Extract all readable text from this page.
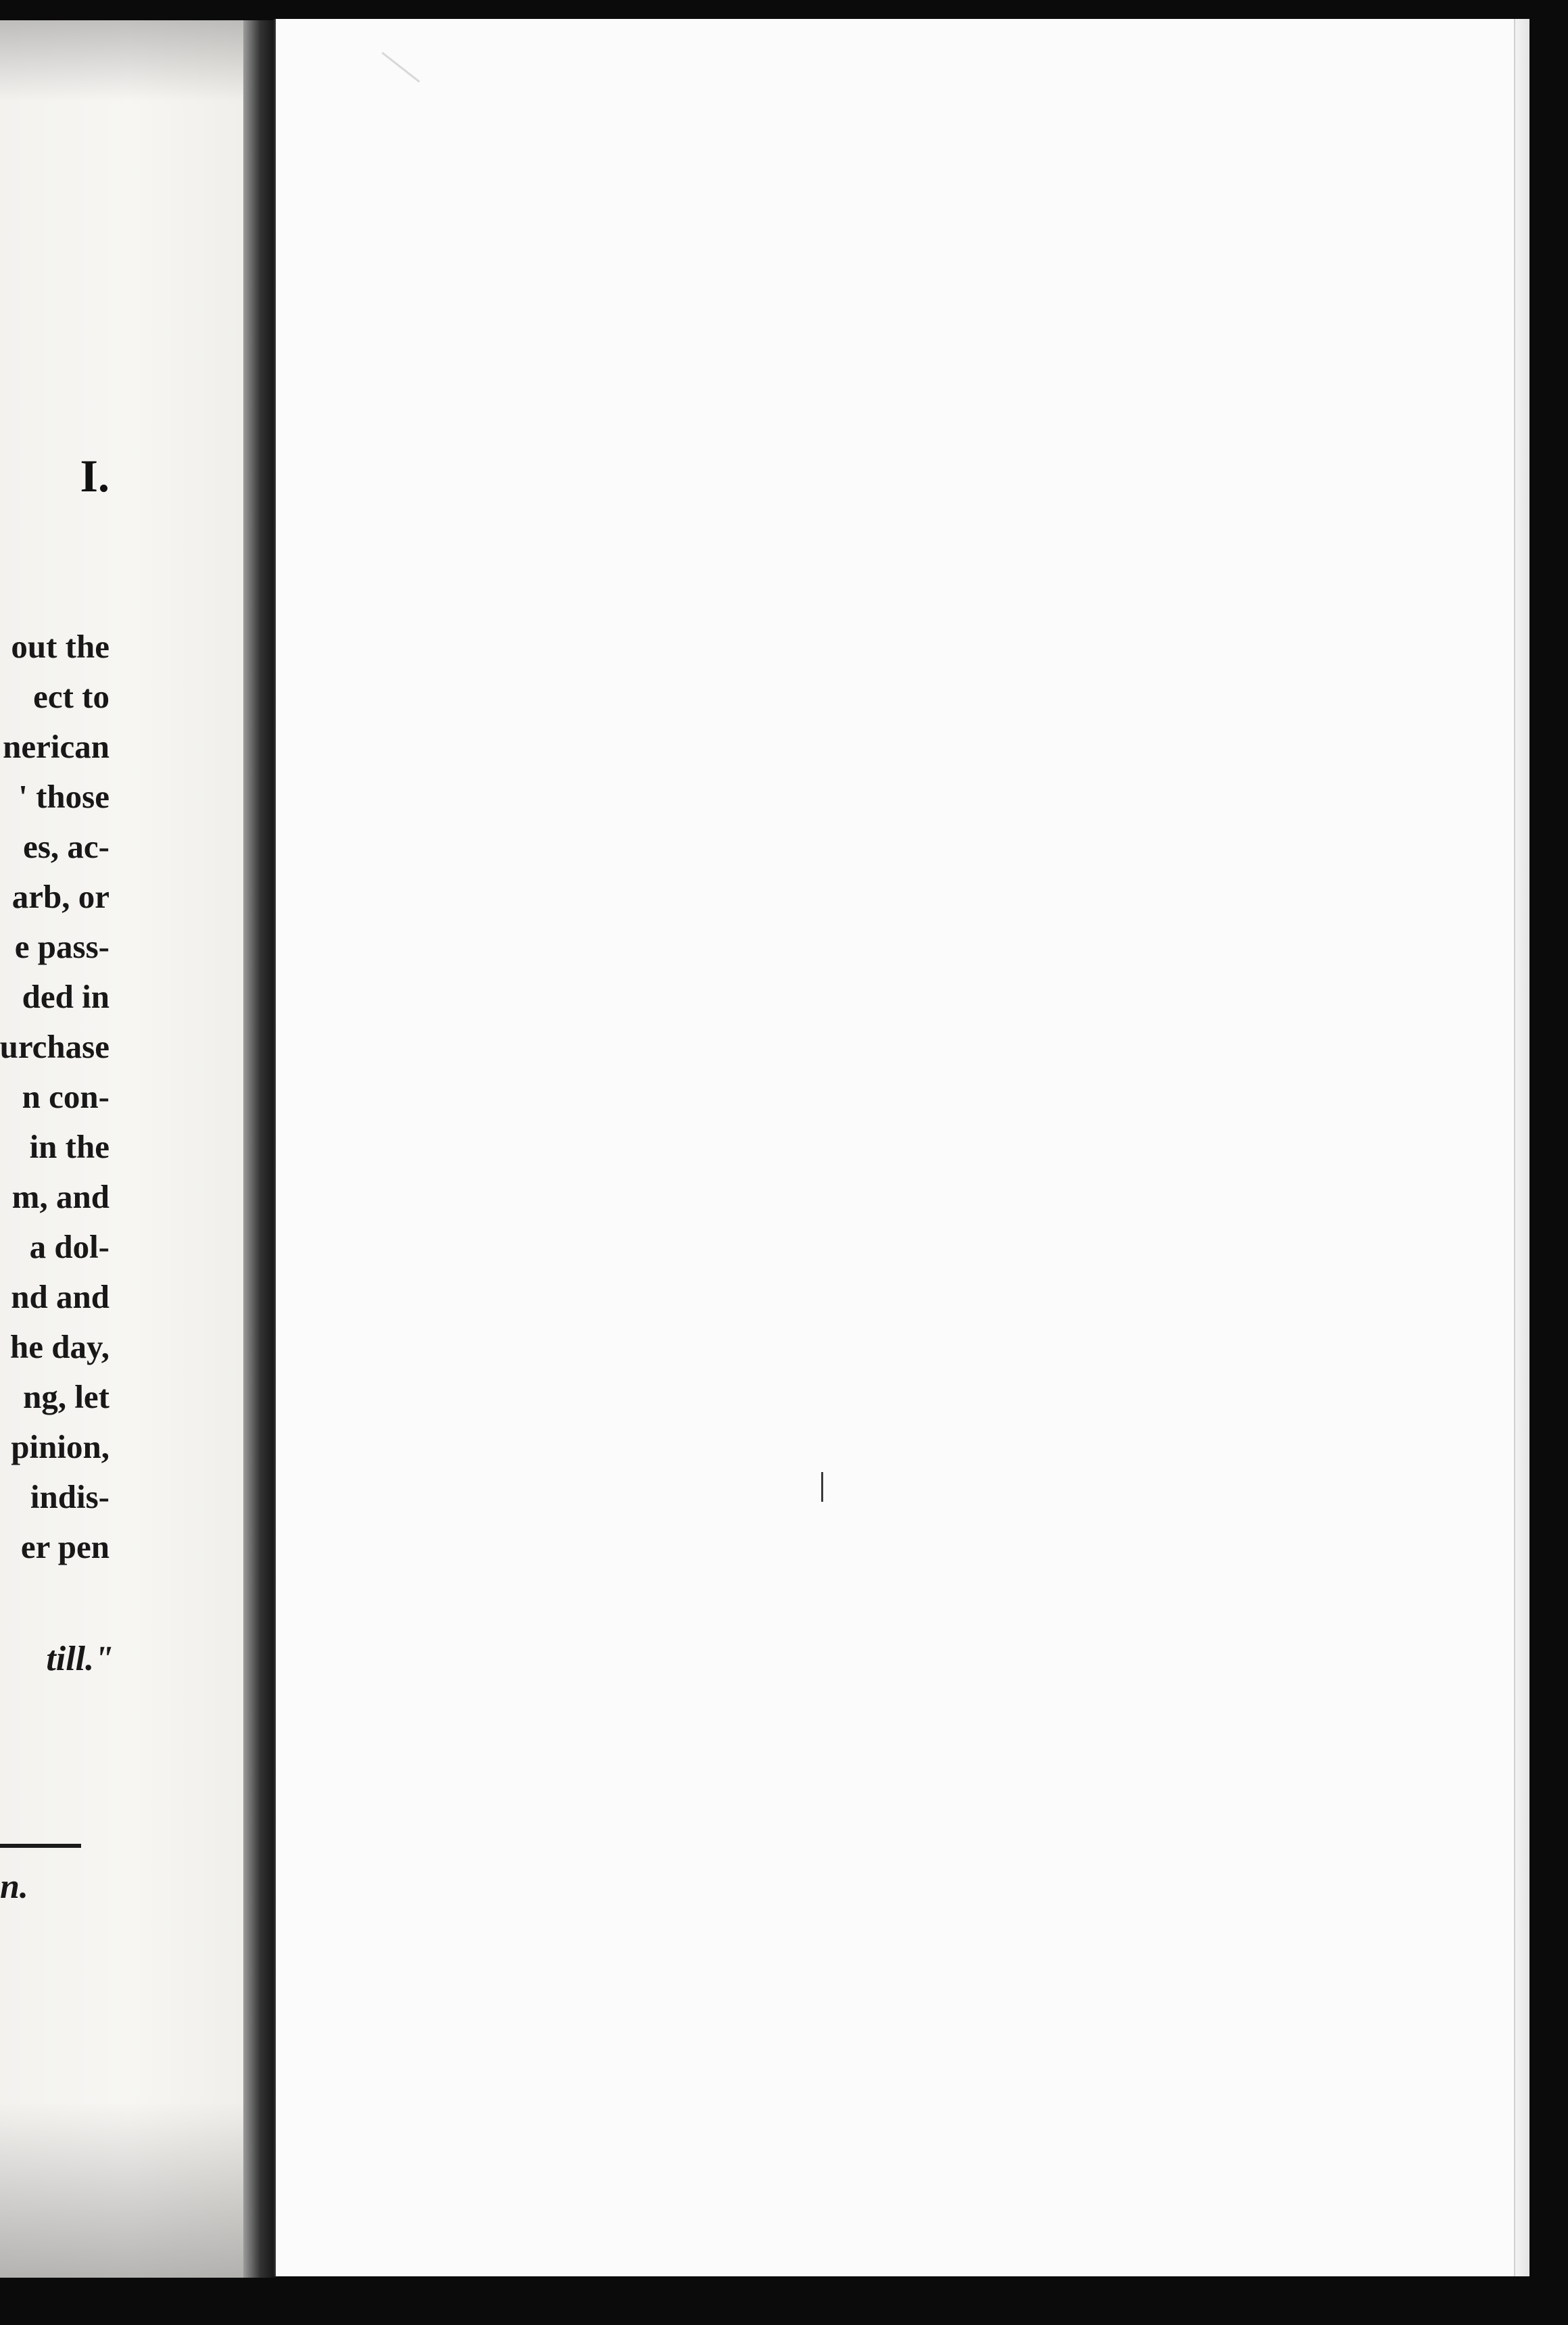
I.
out the
ect to
nerican
' those
es, ac-
arb, or
e pass-
ded in
urchase
n con-
in the
m, and
a dol-
nd and
he day,
ng, let
pinion,
indis-
er pen
till."
n.
